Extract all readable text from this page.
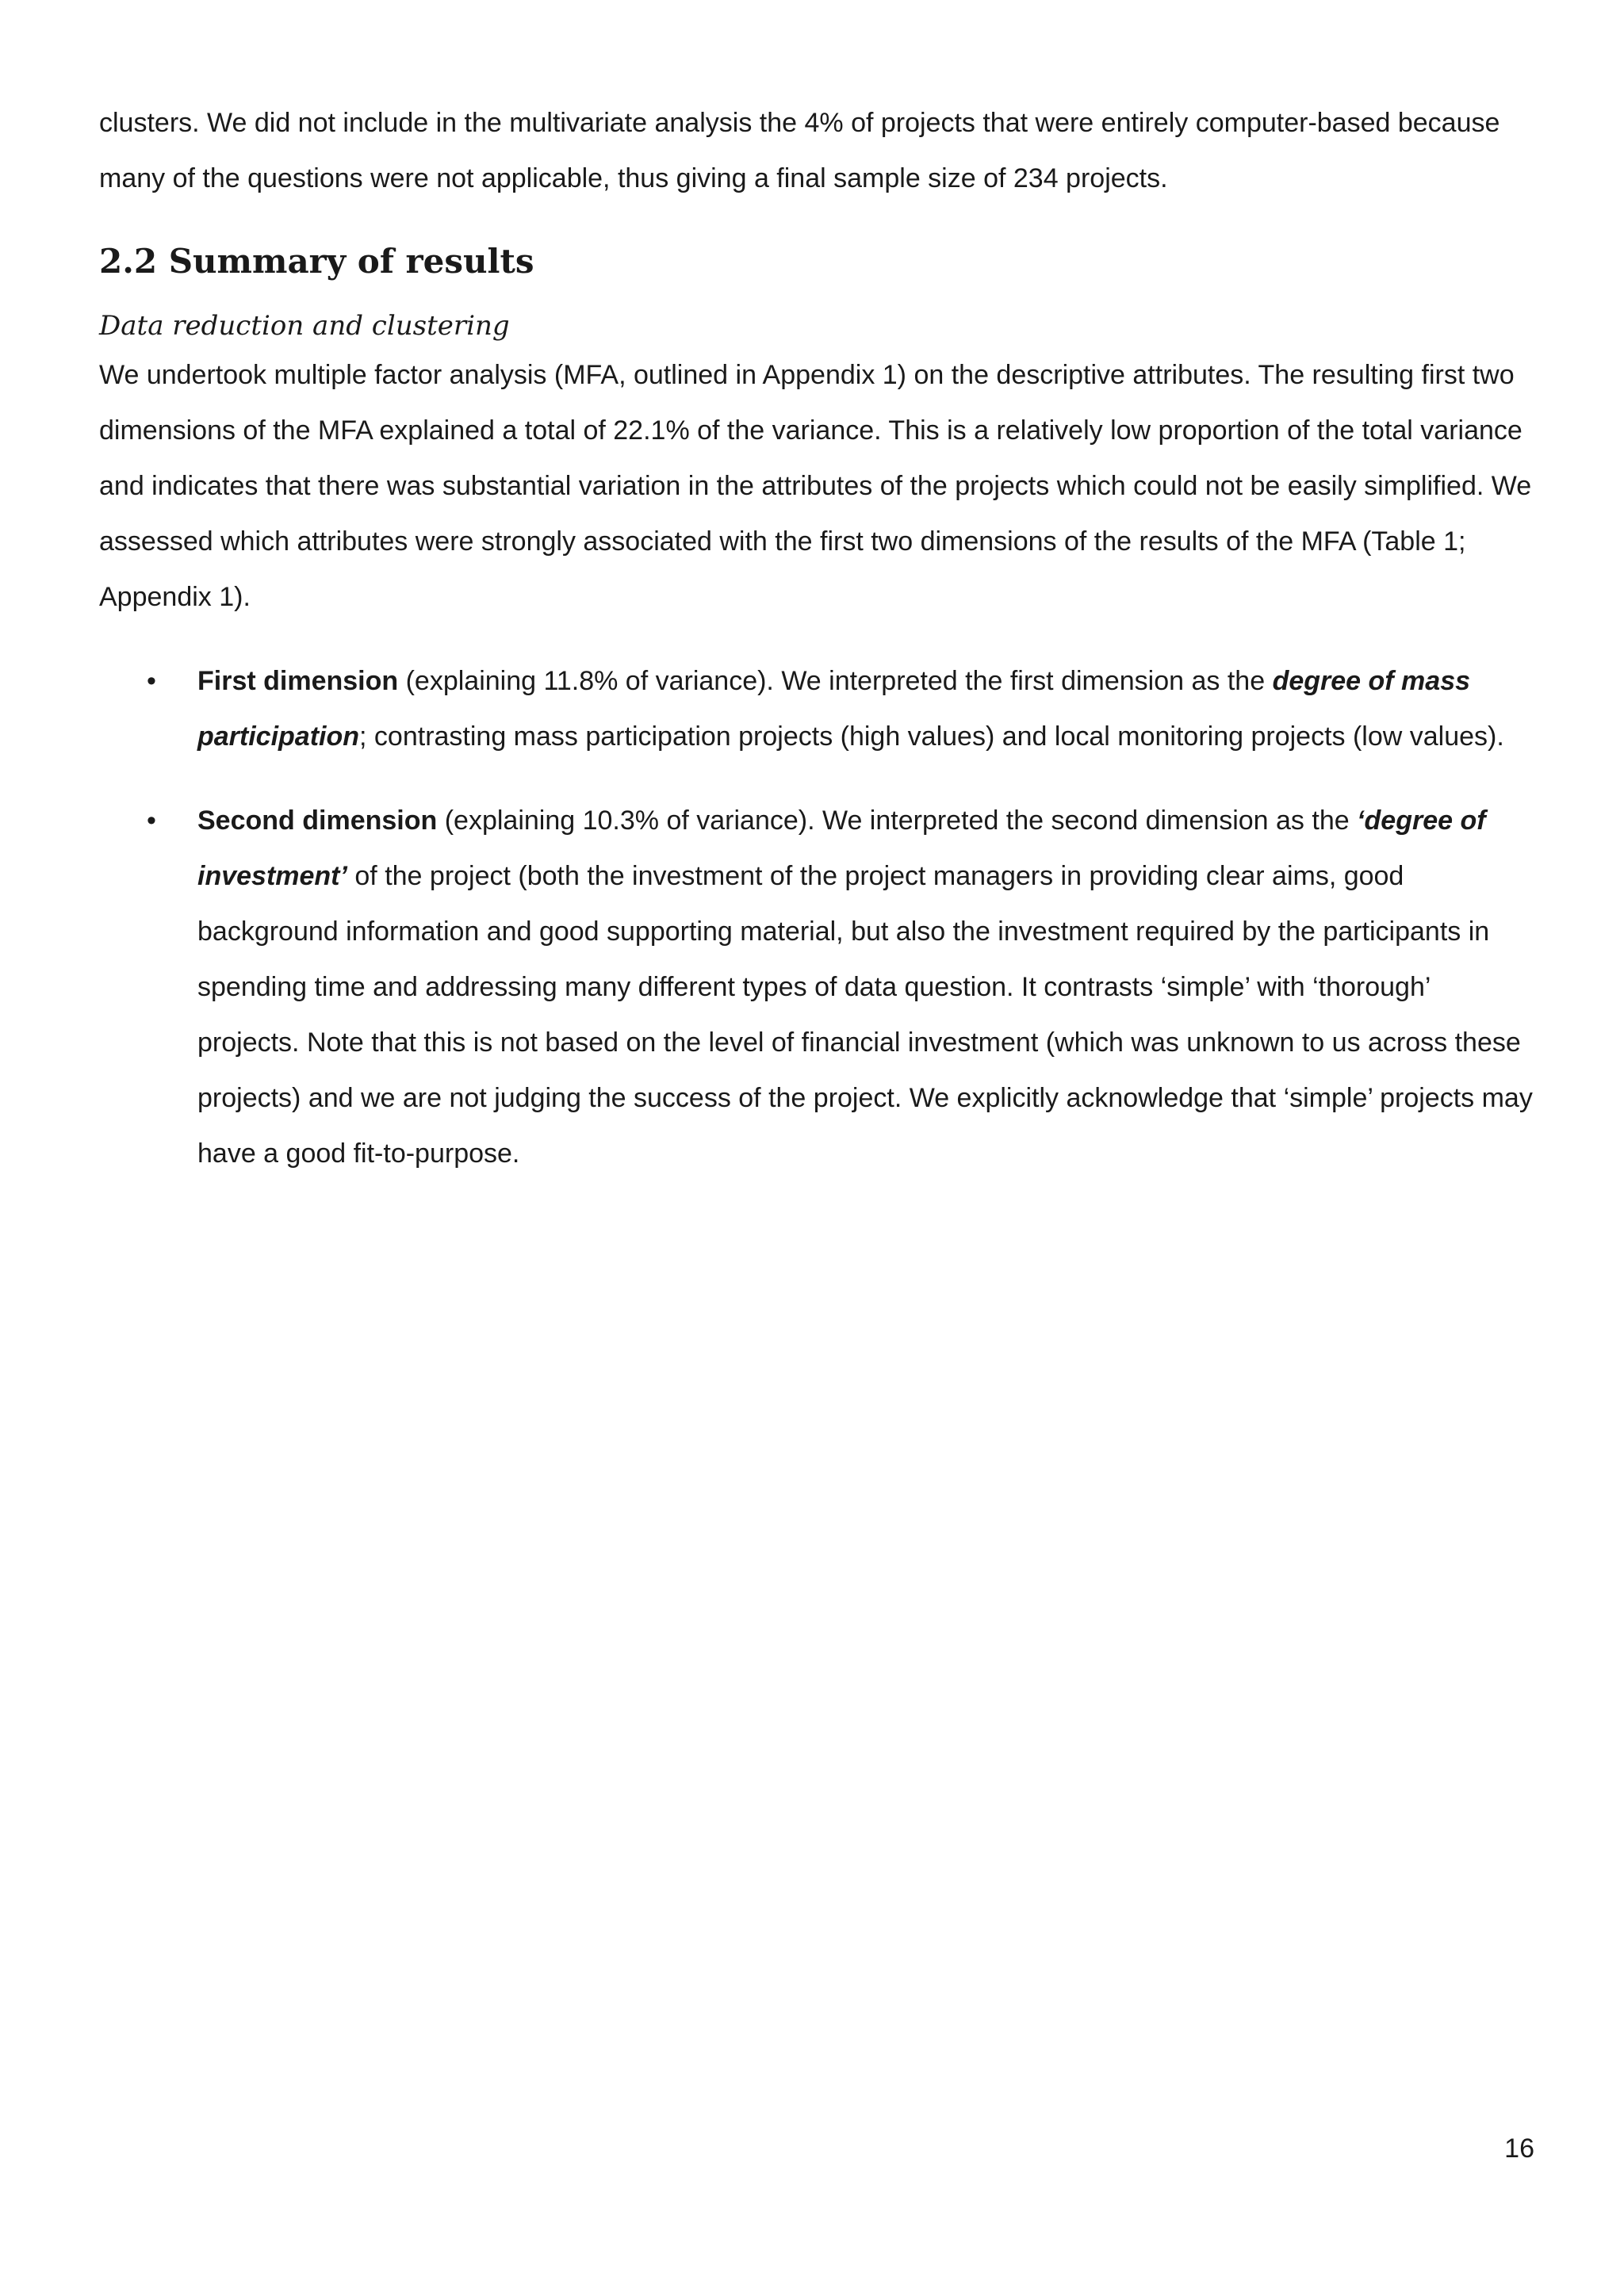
clusters. We did not include in the multivariate analysis the 4% of projects that were entirely computer-based because many of the questions were not applicable, thus giving a final sample size of 234 projects.

2.2 Summary of results
Data reduction and clustering

We undertook multiple factor analysis (MFA, outlined in Appendix 1) on the descriptive attributes. The resulting first two dimensions of the MFA explained a total of 22.1% of the variance. This is a relatively low proportion of the total variance and indicates that there was substantial variation in the attributes of the projects which could not be easily simplified. We assessed which attributes were strongly associated with the first two dimensions of the results of the MFA (Table 1; Appendix 1).

• First dimension (explaining 11.8% of variance). We interpreted the first dimension as the degree of mass participation; contrasting mass participation projects (high values) and local monitoring projects (low values).
• Second dimension (explaining 10.3% of variance). We interpreted the second dimension as the ‘degree of investment’ of the project (both the investment of the project managers in providing clear aims, good background information and good supporting material, but also the investment required by the participants in spending time and addressing many different types of data question. It contrasts ‘simple’ with ‘thorough’ projects. Note that this is not based on the level of financial investment (which was unknown to us across these projects) and we are not judging the success of the project. We explicitly acknowledge that ‘simple’ projects may have a good fit-to-purpose.
16
